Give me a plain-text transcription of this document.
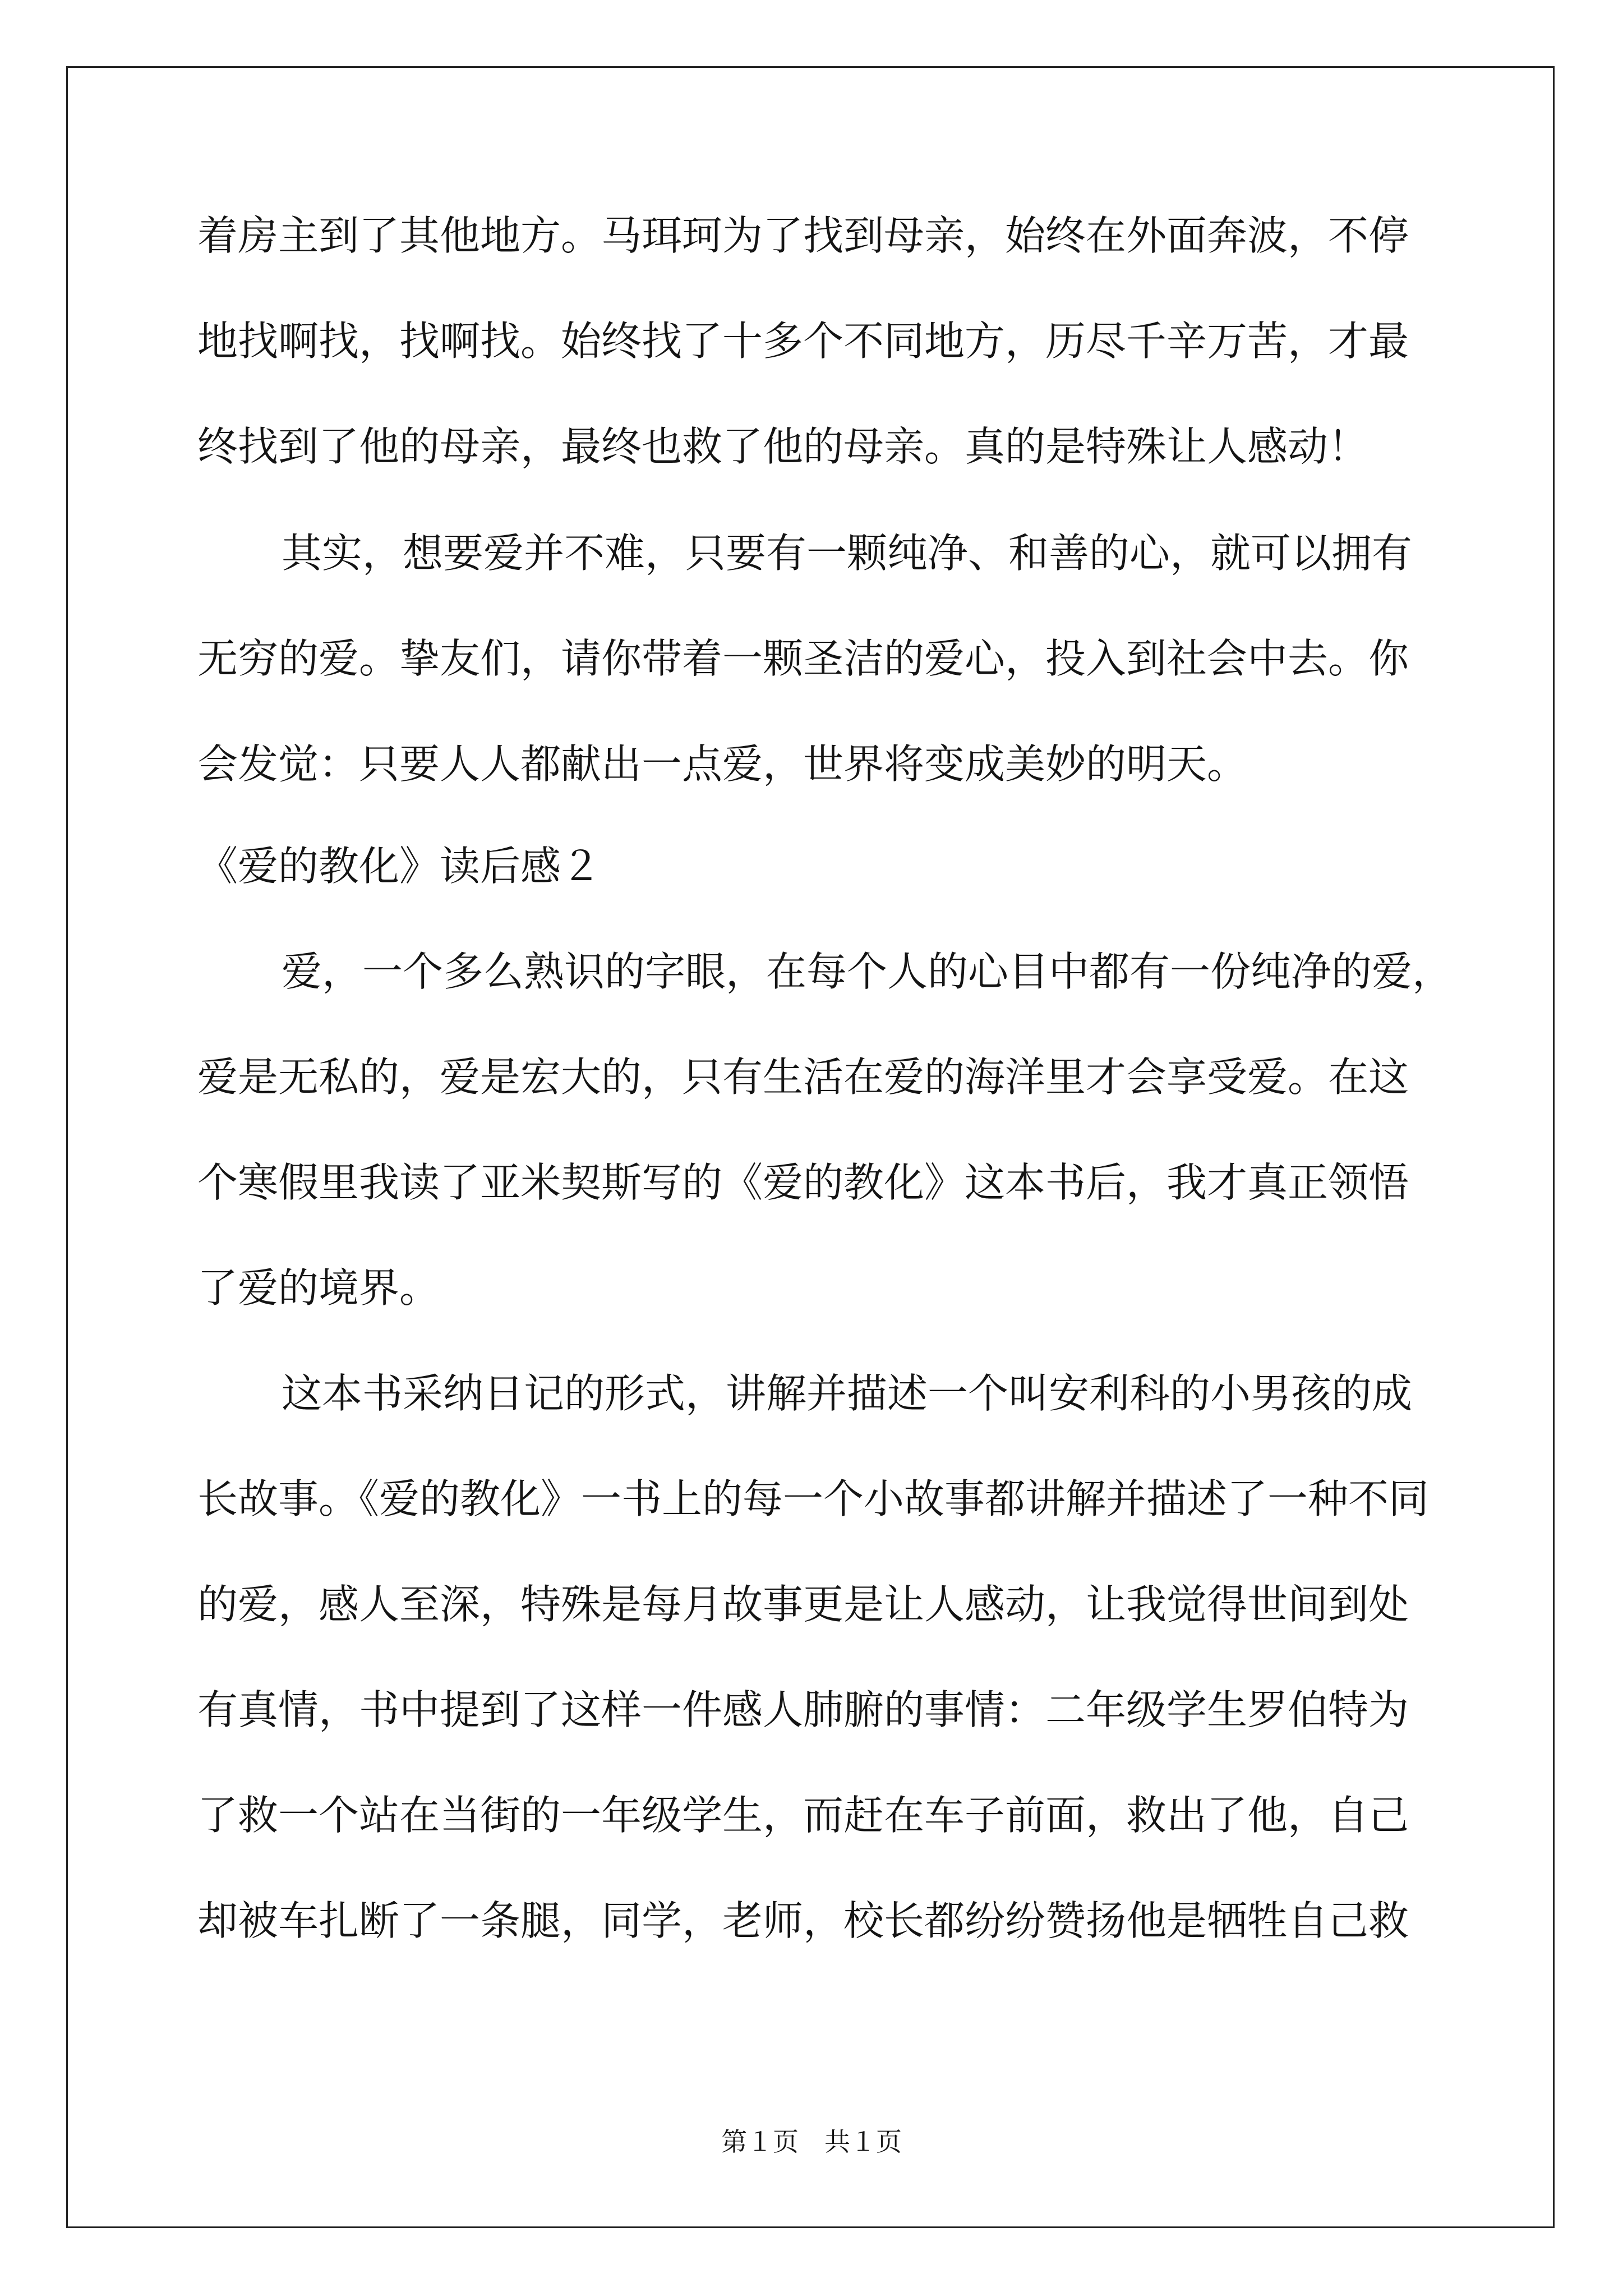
着房主到了其他地方。马珥珂为了找到母亲，始终在外面奔波，不停
地找啊找，找啊找。始终找了十多个不同地方，历尽千辛万苦，才最
终找到了他的母亲，最终也救了他的母亲。真的是特殊让人感动！
其实，想要爱并不难，只要有一颗纯净、和善的心，就可以拥有
无穷的爱。挚友们，请你带着一颗圣洁的爱心，投入到社会中去。你
会发觉：只要人人都献出一点爱，世界将变成美妙的明天。
《爱的教化》读后感２
爱，一个多么熟识的字眼，在每个人的心目中都有一份纯净的爱，
爱是无私的，爱是宏大的，只有生活在爱的海洋里才会享受爱。在这
个寒假里我读了亚米契斯写的《爱的教化》这本书后，我才真正领悟
了爱的境界。
这本书采纳日记的形式，讲解并描述一个叫安利科的小男孩的成
长故事。《爱的教化》一书上的每一个小故事都讲解并描述了一种不同
的爱，感人至深，特殊是每月故事更是让人感动，让我觉得世间到处
有真情，书中提到了这样一件感人肺腑的事情：二年级学生罗伯特为
了救一个站在当街的一年级学生，而赶在车子前面，救出了他，自己
却被车扎断了一条腿，同学，老师，校长都纷纷赞扬他是牺牲自己救
第１页　共１页
